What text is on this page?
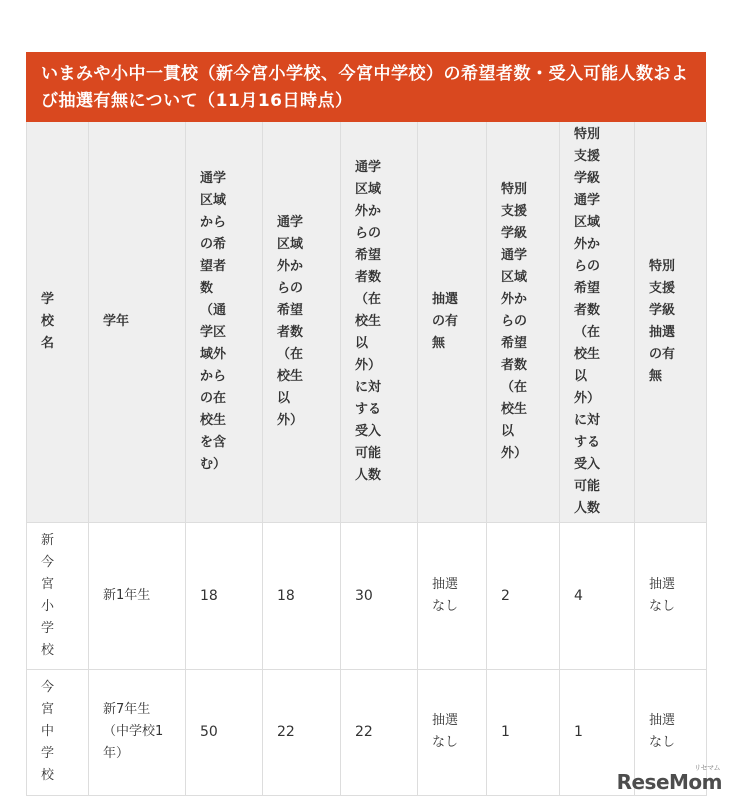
いまみや小中一貫校（新今宮小学校、今宮中学校）の希望者数・受入可能人数および抽選有無について（11月16日時点）
学校名	学年	通学区域からの希望者数（通学区域外からの在校生を含む）	通学区域外からの希望者数（在校生以外）	通学区域外からの希望者数（在校生以外）に対する受入可能人数	抽選の有無	特別支援学級通学区域外からの希望者数（在校生以外）	特別支援学級通学区域外からの希望者数（在校生以外）に対する受入可能人数	特別支援学級抽選の有無
新今宮小学校	新1年生	18	18	30	抽選なし	2	4	抽選なし
今宮中学校	新7年生（中学校1年）	50	22	22	抽選なし	1	1	抽選なし
リセマム
ReseMom
